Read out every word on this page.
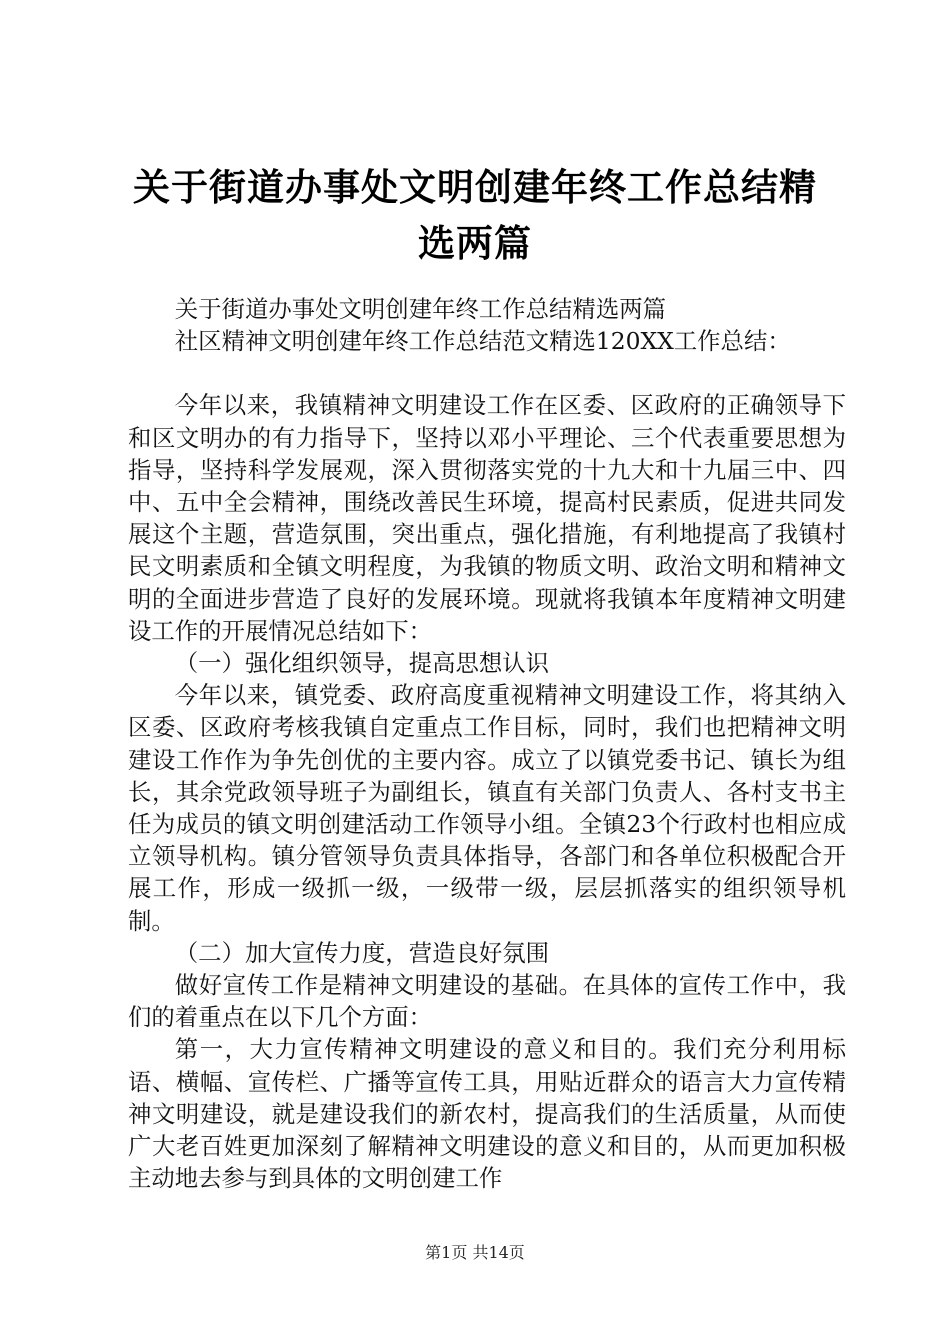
关于街道办事处文明创建年终工作总结精选两篇

关于街道办事处文明创建年终工作总结精选两篇

社区精神文明创建年终工作总结范文精选120XX工作总结：

今年以来，我镇精神文明建设工作在区委、区政府的正确领导下和区文明办的有力指导下，坚持以邓小平理论、三个代表重要思想为指导，坚持科学发展观，深入贯彻落实党的十九大和十九届三中、四中、五中全会精神，围绕改善民生环境，提高村民素质，促进共同发展这个主题，营造氛围，突出重点，强化措施，有利地提高了我镇村民文明素质和全镇文明程度，为我镇的物质文明、政治文明和精神文明的全面进步营造了良好的发展环境。现就将我镇本年度精神文明建设工作的开展情况总结如下：

（一）强化组织领导，提高思想认识

今年以来，镇党委、政府高度重视精神文明建设工作，将其纳入区委、区政府考核我镇自定重点工作目标，同时，我们也把精神文明建设工作作为争先创优的主要内容。成立了以镇党委书记、镇长为组长，其余党政领导班子为副组长，镇直有关部门负责人、各村支书主任为成员的镇文明创建活动工作领导小组。全镇23个行政村也相应成立领导机构。镇分管领导负责具体指导，各部门和各单位积极配合开展工作，形成一级抓一级，一级带一级，层层抓落实的组织领导机制。

（二）加大宣传力度，营造良好氛围

做好宣传工作是精神文明建设的基础。在具体的宣传工作中，我们的着重点在以下几个方面：

第一，大力宣传精神文明建设的意义和目的。我们充分利用标语、横幅、宣传栏、广播等宣传工具，用贴近群众的语言大力宣传精神文明建设，就是建设我们的新农村，提高我们的生活质量，从而使广大老百姓更加深刻了解精神文明建设的意义和目的，从而更加积极主动地去参与到具体的文明创建工作

第1页 共14页
